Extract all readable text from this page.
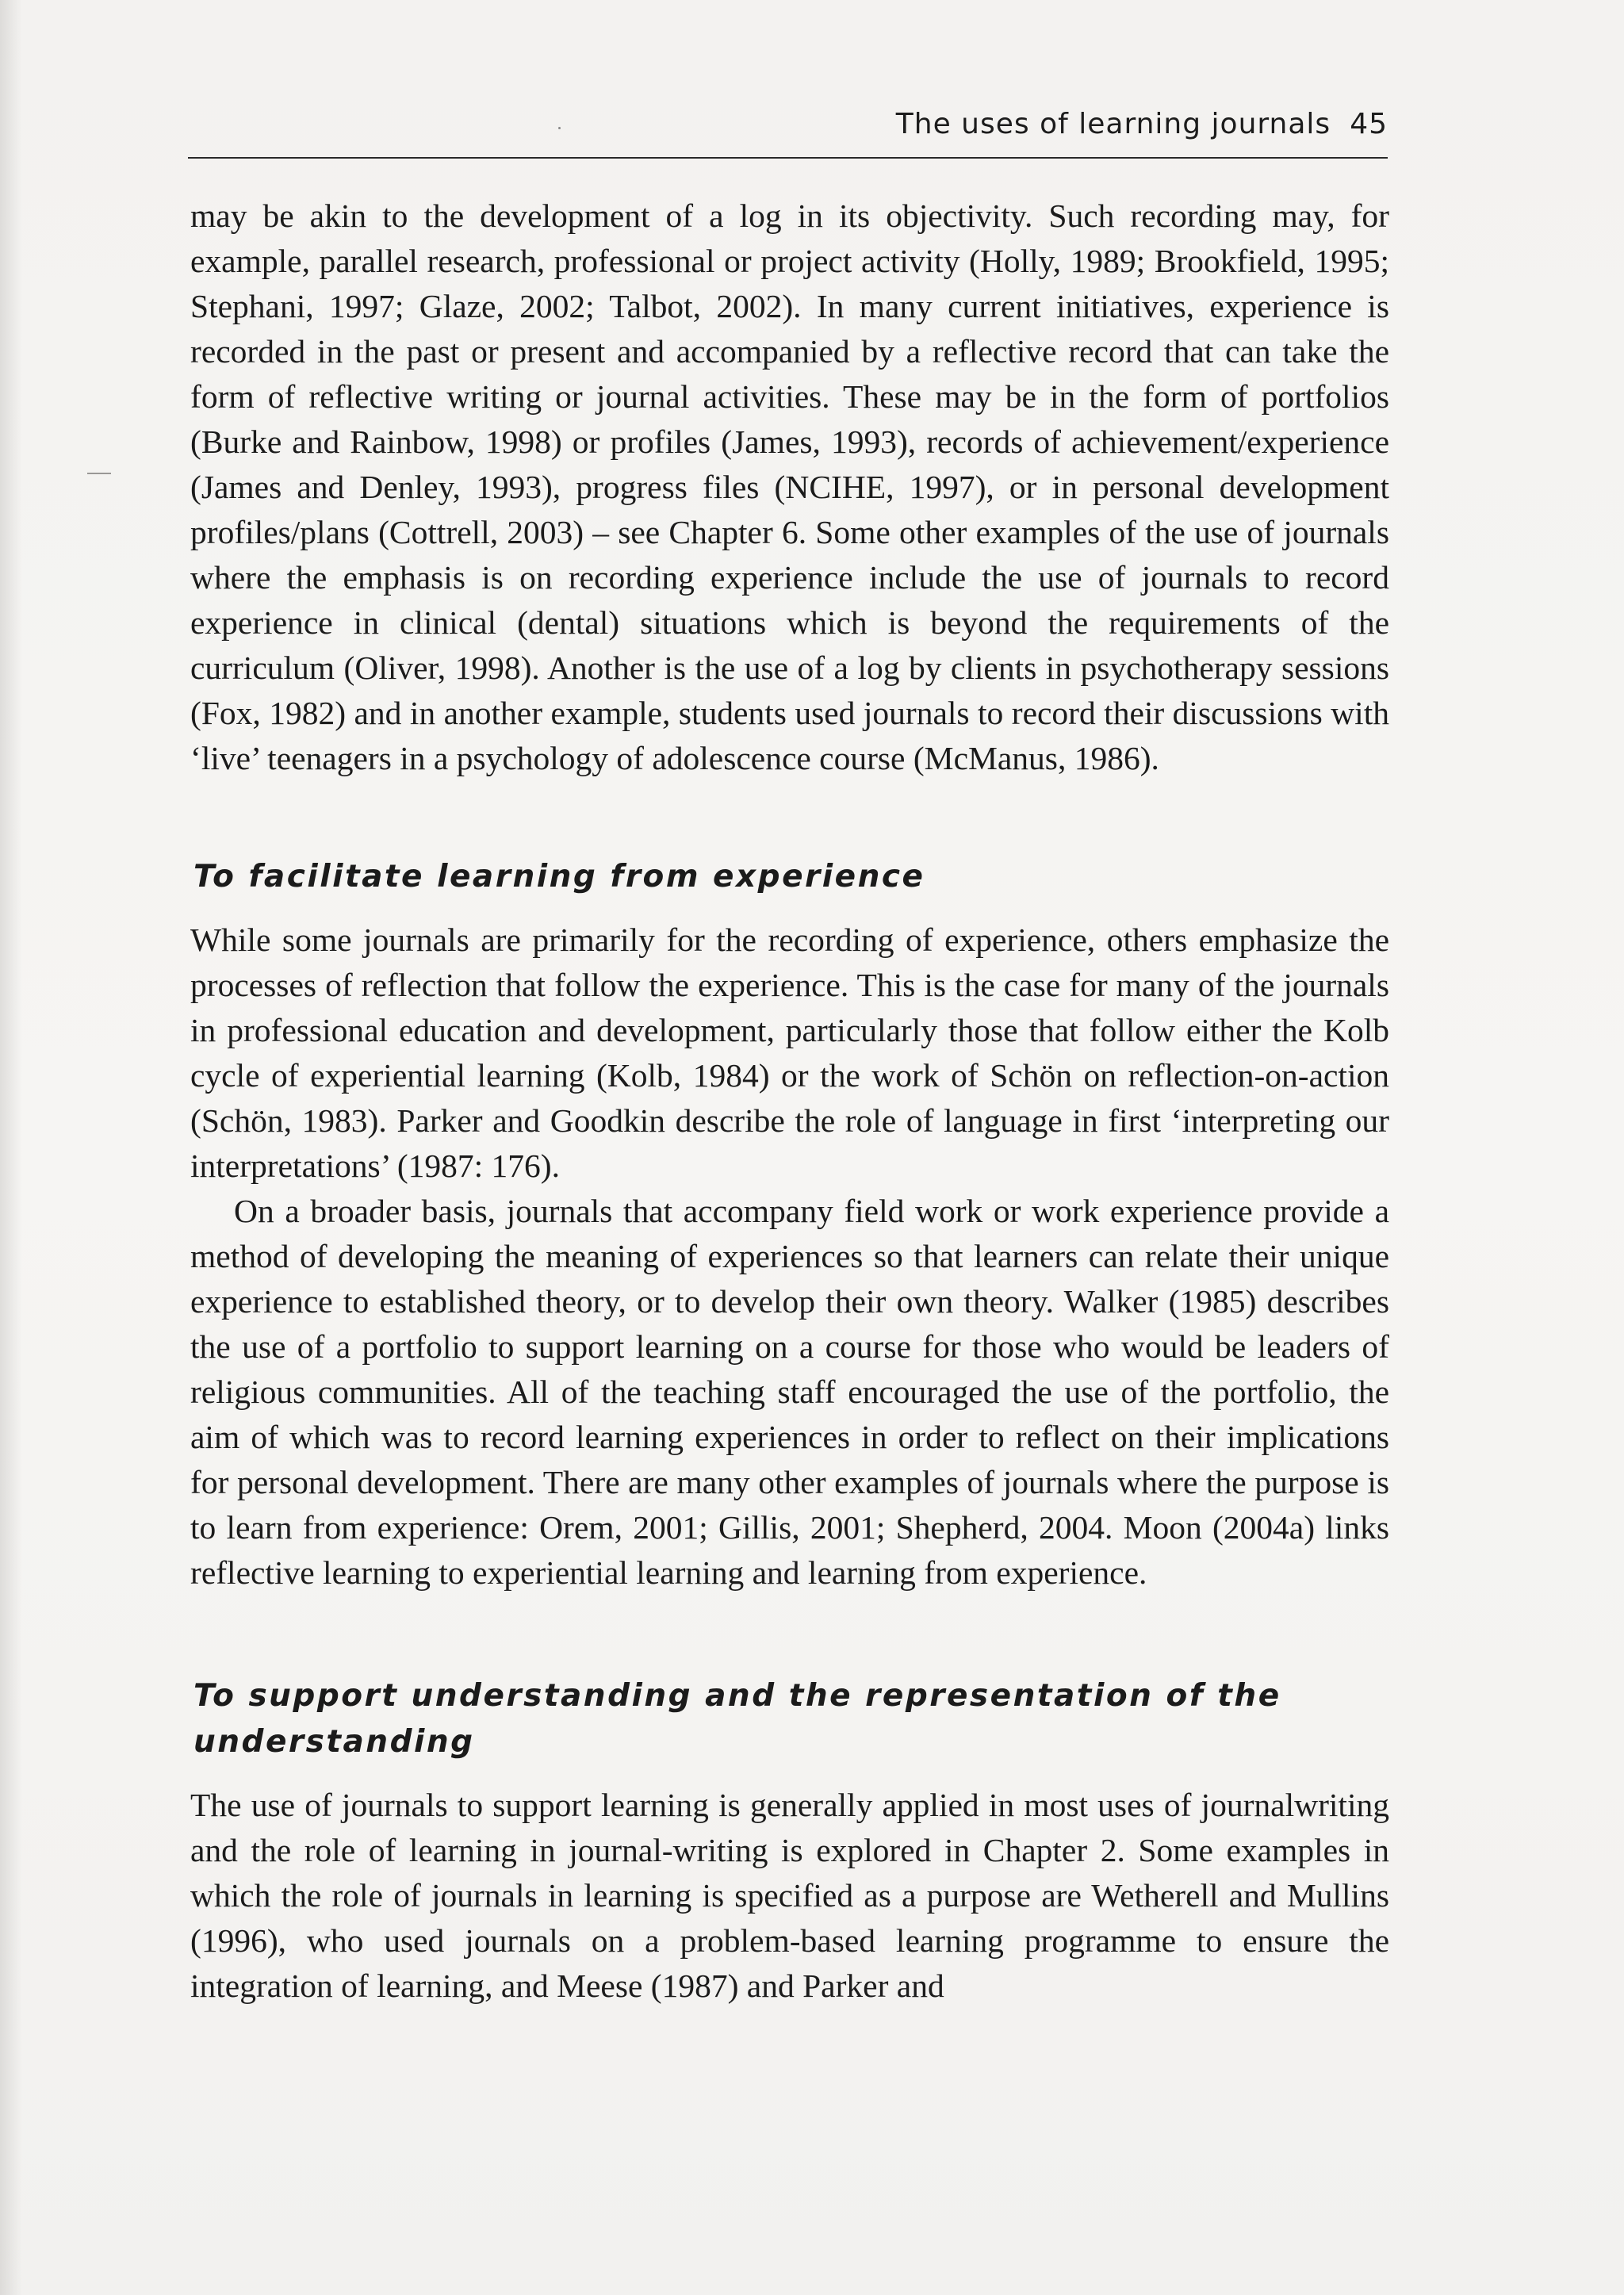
The uses of learning journals 45

may be akin to the development of a log in its objectivity. Such recording may, for example, parallel research, professional or project activity (Holly, 1989; Brookfield, 1995; Stephani, 1997; Glaze, 2002; Talbot, 2002). In many current initiatives, experience is recorded in the past or present and accompanied by a reflective record that can take the form of reflective writing or journal activities. These may be in the form of portfolios (Burke and Rainbow, 1998) or profiles (James, 1993), records of achievement/experience (James and Denley, 1993), progress files (NCIHE, 1997), or in personal development profiles/plans (Cottrell, 2003) – see Chapter 6. Some other examples of the use of journals where the emphasis is on recording experience include the use of journals to record experience in clinical (dental) situations which is beyond the requirements of the curriculum (Oliver, 1998). Another is the use of a log by clients in psychotherapy sessions (Fox, 1982) and in another example, students used journals to record their discussions with ‘live’ teenagers in a psychology of adolescence course (McManus, 1986).

To facilitate learning from experience

While some journals are primarily for the recording of experience, others emphasize the processes of reflection that follow the experience. This is the case for many of the journals in professional education and development, particularly those that follow either the Kolb cycle of experiential learning (Kolb, 1984) or the work of Schön on reflection-on-action (Schön, 1983). Parker and Goodkin describe the role of language in first ‘interpreting our interpretations’ (1987: 176).

On a broader basis, journals that accompany field work or work experience provide a method of developing the meaning of experiences so that learners can relate their unique experience to established theory, or to develop their own theory. Walker (1985) describes the use of a portfolio to support learning on a course for those who would be leaders of religious communities. All of the teaching staff encouraged the use of the portfolio, the aim of which was to record learning experiences in order to reflect on their implications for personal development. There are many other examples of journals where the purpose is to learn from experience: Orem, 2001; Gillis, 2001; Shepherd, 2004. Moon (2004a) links reflective learning to experiential learning and learning from experience.

To support understanding and the representation of the understanding

The use of journals to support learning is generally applied in most uses of journalwriting and the role of learning in journal-writing is explored in Chapter 2. Some examples in which the role of journals in learning is specified as a purpose are Wetherell and Mullins (1996), who used journals on a problem-based learning programme to ensure the integration of learning, and Meese (1987) and Parker and
